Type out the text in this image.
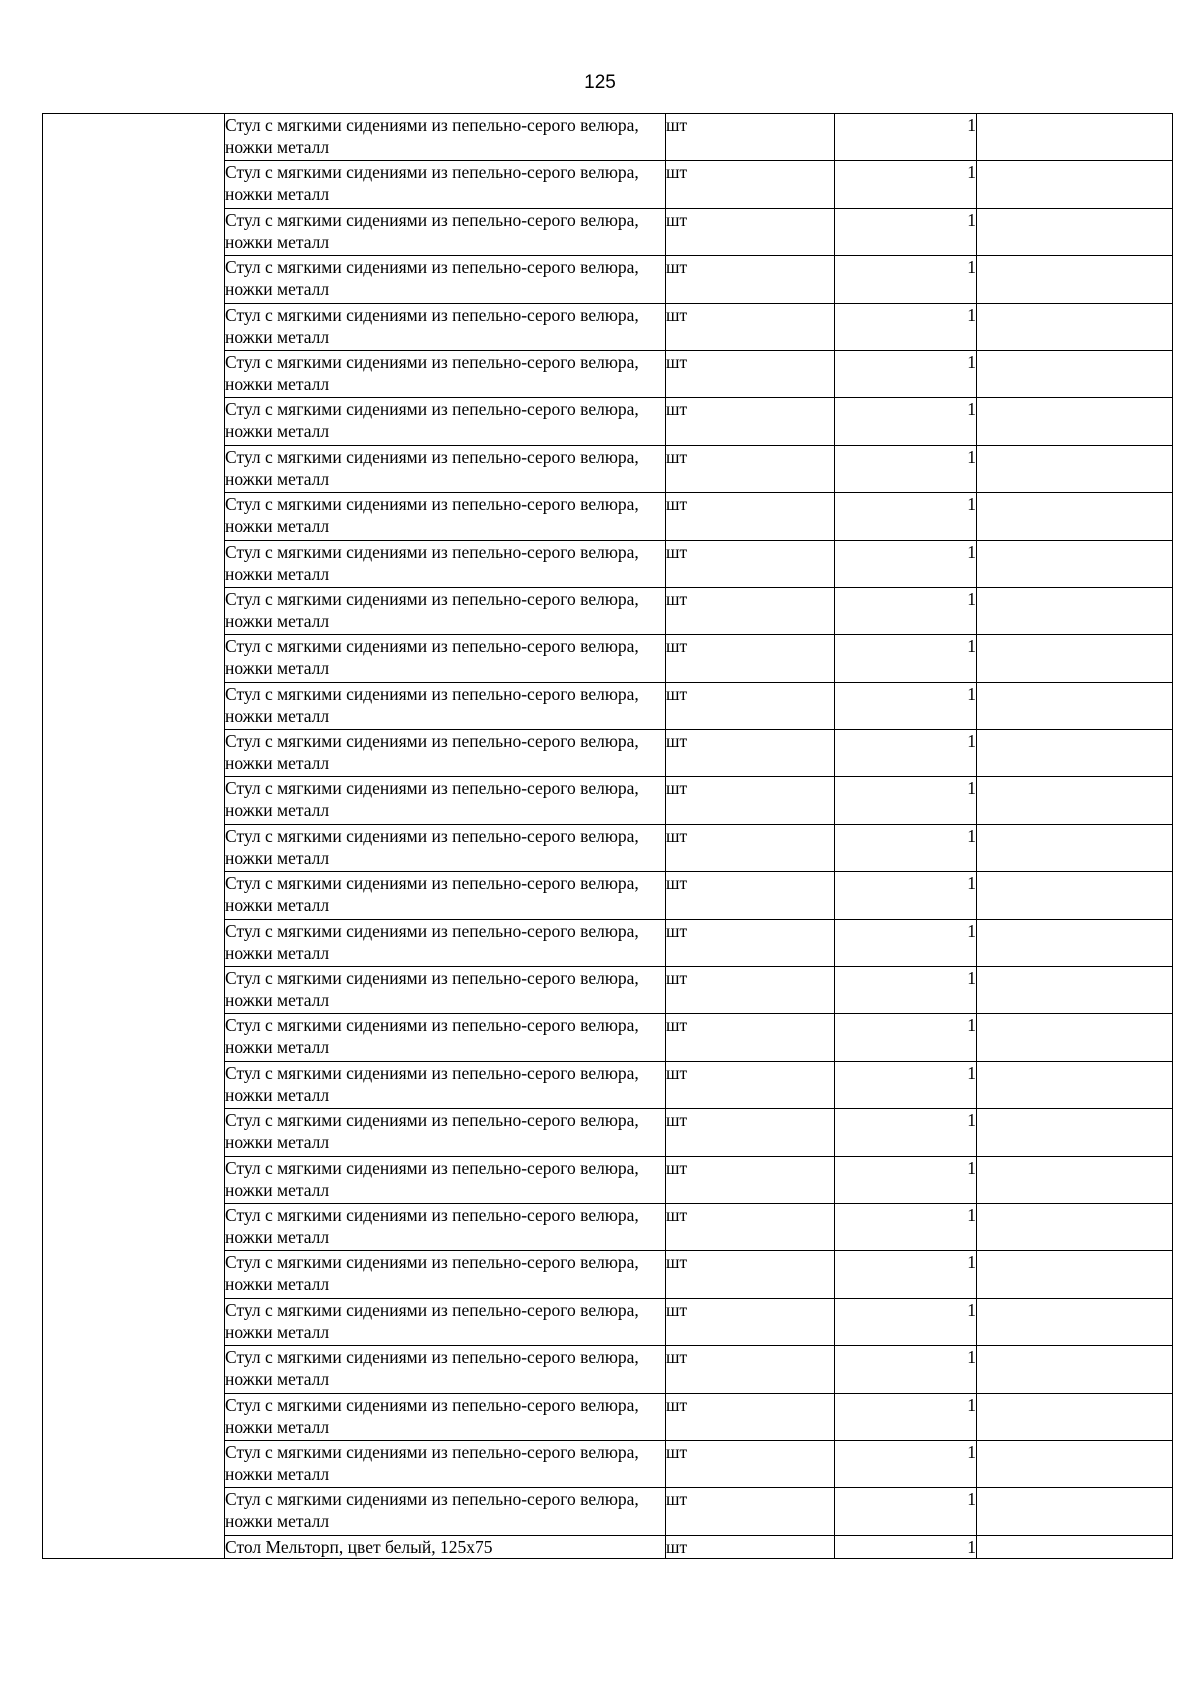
125
	Стул с мягкими сидениями из пепельно-серого велюра, ножки металл	шт	1	
	Стул с мягкими сидениями из пепельно-серого велюра, ножки металл	шт	1	
	Стул с мягкими сидениями из пепельно-серого велюра, ножки металл	шт	1	
	Стул с мягкими сидениями из пепельно-серого велюра, ножки металл	шт	1	
	Стул с мягкими сидениями из пепельно-серого велюра, ножки металл	шт	1	
	Стул с мягкими сидениями из пепельно-серого велюра, ножки металл	шт	1	
	Стул с мягкими сидениями из пепельно-серого велюра, ножки металл	шт	1	
	Стул с мягкими сидениями из пепельно-серого велюра, ножки металл	шт	1	
	Стул с мягкими сидениями из пепельно-серого велюра, ножки металл	шт	1	
	Стул с мягкими сидениями из пепельно-серого велюра, ножки металл	шт	1	
	Стул с мягкими сидениями из пепельно-серого велюра, ножки металл	шт	1	
	Стул с мягкими сидениями из пепельно-серого велюра, ножки металл	шт	1	
	Стул с мягкими сидениями из пепельно-серого велюра, ножки металл	шт	1	
	Стул с мягкими сидениями из пепельно-серого велюра, ножки металл	шт	1	
	Стул с мягкими сидениями из пепельно-серого велюра, ножки металл	шт	1	
	Стул с мягкими сидениями из пепельно-серого велюра, ножки металл	шт	1	
	Стул с мягкими сидениями из пепельно-серого велюра, ножки металл	шт	1	
	Стул с мягкими сидениями из пепельно-серого велюра, ножки металл	шт	1	
	Стул с мягкими сидениями из пепельно-серого велюра, ножки металл	шт	1	
	Стул с мягкими сидениями из пепельно-серого велюра, ножки металл	шт	1	
	Стул с мягкими сидениями из пепельно-серого велюра, ножки металл	шт	1	
	Стул с мягкими сидениями из пепельно-серого велюра, ножки металл	шт	1	
	Стул с мягкими сидениями из пепельно-серого велюра, ножки металл	шт	1	
	Стул с мягкими сидениями из пепельно-серого велюра, ножки металл	шт	1	
	Стул с мягкими сидениями из пепельно-серого велюра, ножки металл	шт	1	
	Стул с мягкими сидениями из пепельно-серого велюра, ножки металл	шт	1	
	Стул с мягкими сидениями из пепельно-серого велюра, ножки металл	шт	1	
	Стул с мягкими сидениями из пепельно-серого велюра, ножки металл	шт	1	
	Стул с мягкими сидениями из пепельно-серого велюра, ножки металл	шт	1	
	Стул с мягкими сидениями из пепельно-серого велюра, ножки металл	шт	1	
	Стол Мельторп, цвет белый, 125х75	шт	1	
